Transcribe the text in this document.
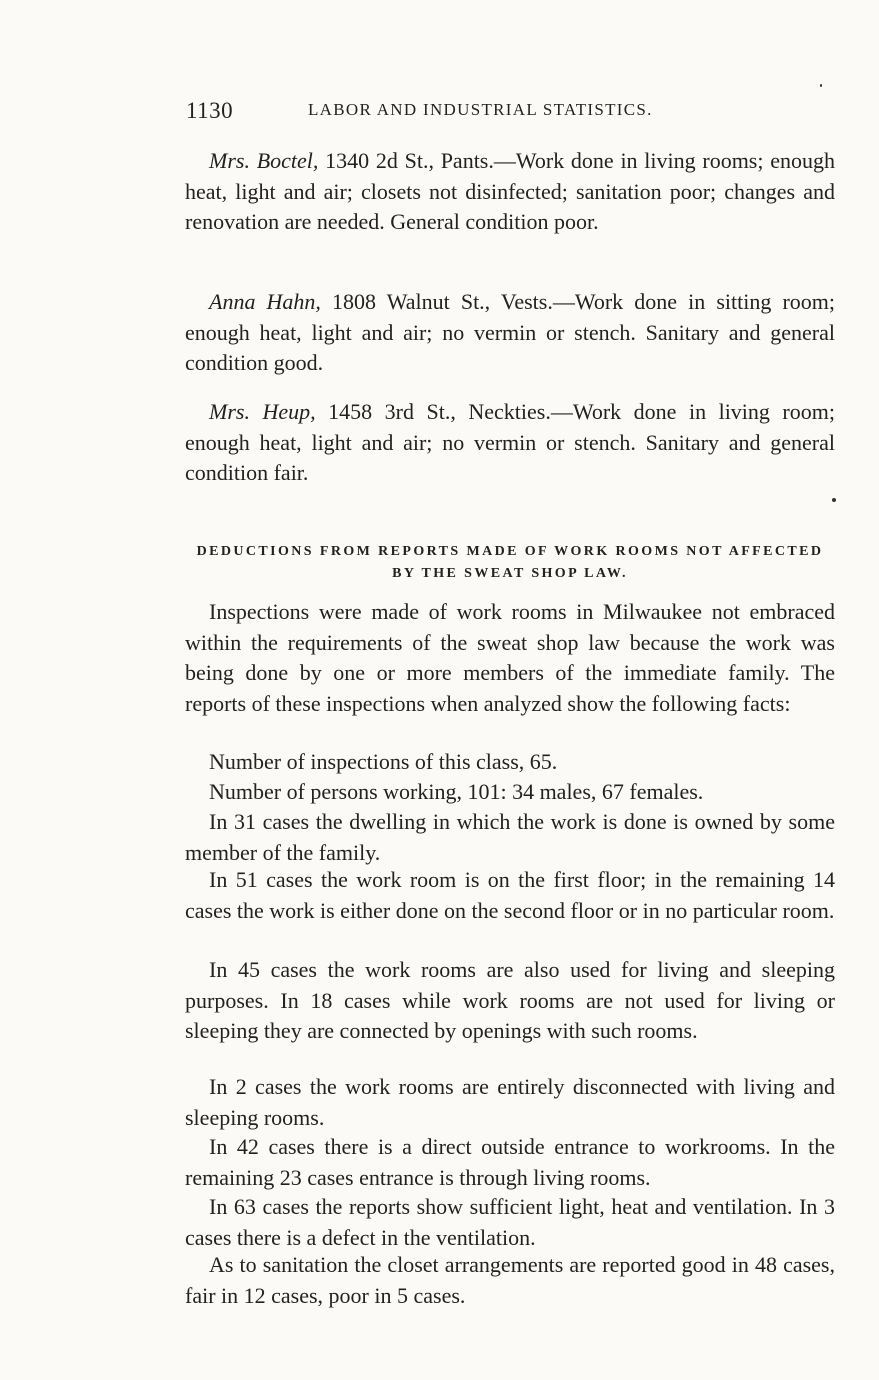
1130	LABOR AND INDUSTRIAL STATISTICS.

Mrs. Boctel, 1340 2d St., Pants.—Work done in living rooms; enough heat, light and air; closets not disinfected; sanitation poor; changes and renovation are needed. General condition poor.

Anna Hahn, 1808 Walnut St., Vests.—Work done in sitting room; enough heat, light and air; no vermin or stench. Sanitary and general condition good.

Mrs. Heup, 1458 3rd St., Neckties.—Work done in living room; enough heat, light and air; no vermin or stench. Sanitary and general condition fair.

DEDUCTIONS FROM REPORTS MADE OF WORK ROOMS NOT AFFECTED BY THE SWEAT SHOP LAW.

Inspections were made of work rooms in Milwaukee not embraced within the requirements of the sweat shop law because the work was being done by one or more members of the immediate family. The reports of these inspections when analyzed show the following facts:

Number of inspections of this class, 65.

Number of persons working, 101: 34 males, 67 females.

In 31 cases the dwelling in which the work is done is owned by some member of the family.

In 51 cases the work room is on the first floor; in the remaining 14 cases the work is either done on the second floor or in no particular room.

In 45 cases the work rooms are also used for living and sleeping purposes. In 18 cases while work rooms are not used for living or sleeping they are connected by openings with such rooms.

In 2 cases the work rooms are entirely disconnected with living and sleeping rooms.

In 42 cases there is a direct outside entrance to workrooms. In the remaining 23 cases entrance is through living rooms.

In 63 cases the reports show sufficient light, heat and ventilation. In 3 cases there is a defect in the ventilation.

As to sanitation the closet arrangements are reported good in 48 cases, fair in 12 cases, poor in 5 cases.
